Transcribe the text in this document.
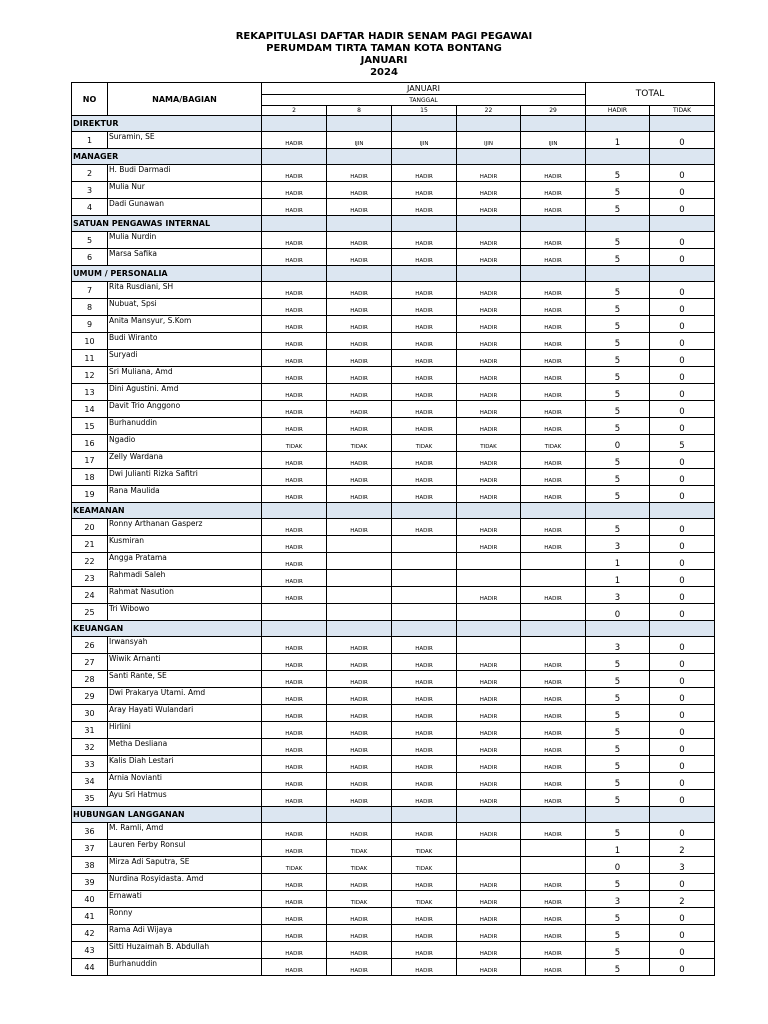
REKAPITULASI DAFTAR HADIR SENAM PAGI PEGAWAI
PERUMDAM TIRTA TAMAN KOTA BONTANG
JANUARI
2024
NO	NAMA/BAGIAN	JANUARI					TOTAL	
		TANGGAL						
		2	8	15	22	29	HADIR	TIDAK
DIREKTUR								
1	Suramin, SE	HADIR	IJIN	IJIN	IJIN	IJIN	1	0
MANAGER								
2	H. Budi Darmadi	HADIR	HADIR	HADIR	HADIR	HADIR	5	0
3	Mulia Nur	HADIR	HADIR	HADIR	HADIR	HADIR	5	0
4	Dadi Gunawan	HADIR	HADIR	HADIR	HADIR	HADIR	5	0
SATUAN PENGAWAS INTERNAL								
5	Mulia Nurdin	HADIR	HADIR	HADIR	HADIR	HADIR	5	0
6	Marsa Safika	HADIR	HADIR	HADIR	HADIR	HADIR	5	0
UMUM / PERSONALIA								
7	Rita Rusdiani, SH	HADIR	HADIR	HADIR	HADIR	HADIR	5	0
8	Nubuat, Spsi	HADIR	HADIR	HADIR	HADIR	HADIR	5	0
9	Anita Mansyur, S.Kom	HADIR	HADIR	HADIR	HADIR	HADIR	5	0
10	Budi Wiranto	HADIR	HADIR	HADIR	HADIR	HADIR	5	0
11	Suryadi	HADIR	HADIR	HADIR	HADIR	HADIR	5	0
12	Sri Muliana, Amd	HADIR	HADIR	HADIR	HADIR	HADIR	5	0
13	Dini Agustini. Amd	HADIR	HADIR	HADIR	HADIR	HADIR	5	0
14	Davit Trio Anggono	HADIR	HADIR	HADIR	HADIR	HADIR	5	0
15	Burhanuddin	HADIR	HADIR	HADIR	HADIR	HADIR	5	0
16	Ngadio	TIDAK	TIDAK	TIDAK	TIDAK	TIDAK	0	5
17	Zelly Wardana	HADIR	HADIR	HADIR	HADIR	HADIR	5	0
18	Dwi Julianti Rizka Safitri	HADIR	HADIR	HADIR	HADIR	HADIR	5	0
19	Rana Maulida	HADIR	HADIR	HADIR	HADIR	HADIR	5	0
KEAMANAN								
20	Ronny Arthanan Gasperz	HADIR	HADIR	HADIR	HADIR	HADIR	5	0
21	Kusmiran	HADIR			HADIR	HADIR	3	0
22	Angga Pratama	HADIR					1	0
23	Rahmadi Saleh	HADIR					1	0
24	Rahmat Nasution	HADIR			HADIR	HADIR	3	0
25	Tri Wibowo						0	0
KEUANGAN								
26	Irwansyah	HADIR	HADIR	HADIR			3	0
27	Wiwik Arnanti	HADIR	HADIR	HADIR	HADIR	HADIR	5	0
28	Santi Rante, SE	HADIR	HADIR	HADIR	HADIR	HADIR	5	0
29	Dwi Prakarya Utami. Amd	HADIR	HADIR	HADIR	HADIR	HADIR	5	0
30	Aray Hayati Wulandari	HADIR	HADIR	HADIR	HADIR	HADIR	5	0
31	Hirlini	HADIR	HADIR	HADIR	HADIR	HADIR	5	0
32	Metha Desliana	HADIR	HADIR	HADIR	HADIR	HADIR	5	0
33	Kalis Diah Lestari	HADIR	HADIR	HADIR	HADIR	HADIR	5	0
34	Arnia Novianti	HADIR	HADIR	HADIR	HADIR	HADIR	5	0
35	Ayu Sri Hatmus	HADIR	HADIR	HADIR	HADIR	HADIR	5	0
HUBUNGAN LANGGANAN								
36	M. Ramli, Amd	HADIR	HADIR	HADIR	HADIR	HADIR	5	0
37	Lauren Ferby Ronsul	HADIR	TIDAK	TIDAK			1	2
38	Mirza Adi Saputra, SE	TIDAK	TIDAK	TIDAK			0	3
39	Nurdina Rosyidasta. Amd	HADIR	HADIR	HADIR	HADIR	HADIR	5	0
40	Ernawati	HADIR	TIDAK	TIDAK	HADIR	HADIR	3	2
41	Ronny	HADIR	HADIR	HADIR	HADIR	HADIR	5	0
42	Rama Adi Wijaya	HADIR	HADIR	HADIR	HADIR	HADIR	5	0
43	Sitti Huzaimah B. Abdullah	HADIR	HADIR	HADIR	HADIR	HADIR	5	0
44	Burhanuddin	HADIR	HADIR	HADIR	HADIR	HADIR	5	0
